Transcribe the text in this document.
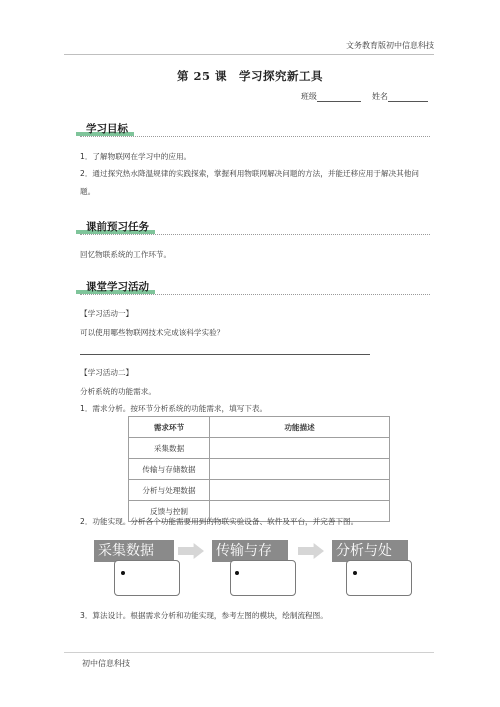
文务教育版初中信息科技
第 25 课　学习探究新工具
班级	姓名
学习目标
1．了解物联网在学习中的应用。
2．通过探究热水降温规律的实践探索，掌握利用物联网解决问题的方法，并能迁移应用于解决其他问题。
课前预习任务
回忆物联系统的工作环节。
课堂学习活动
【学习活动一】
可以使用哪些物联网技术完成该科学实验？
【学习活动二】
分析系统的功能需求。
1．需求分析。按环节分析系统的功能需求，填写下表。
需求环节	功能描述
采集数据	
传输与存储数据	
分析与处理数据	
反馈与控制	
2．功能实现。分析各个功能需要用到的物联实验设备、软件及平台，并完善下图。
采集数据	传输与存	分析与处
3．算法设计。根据需求分析和功能实现，参考左图的模块，绘制流程图。
初中信息科技
